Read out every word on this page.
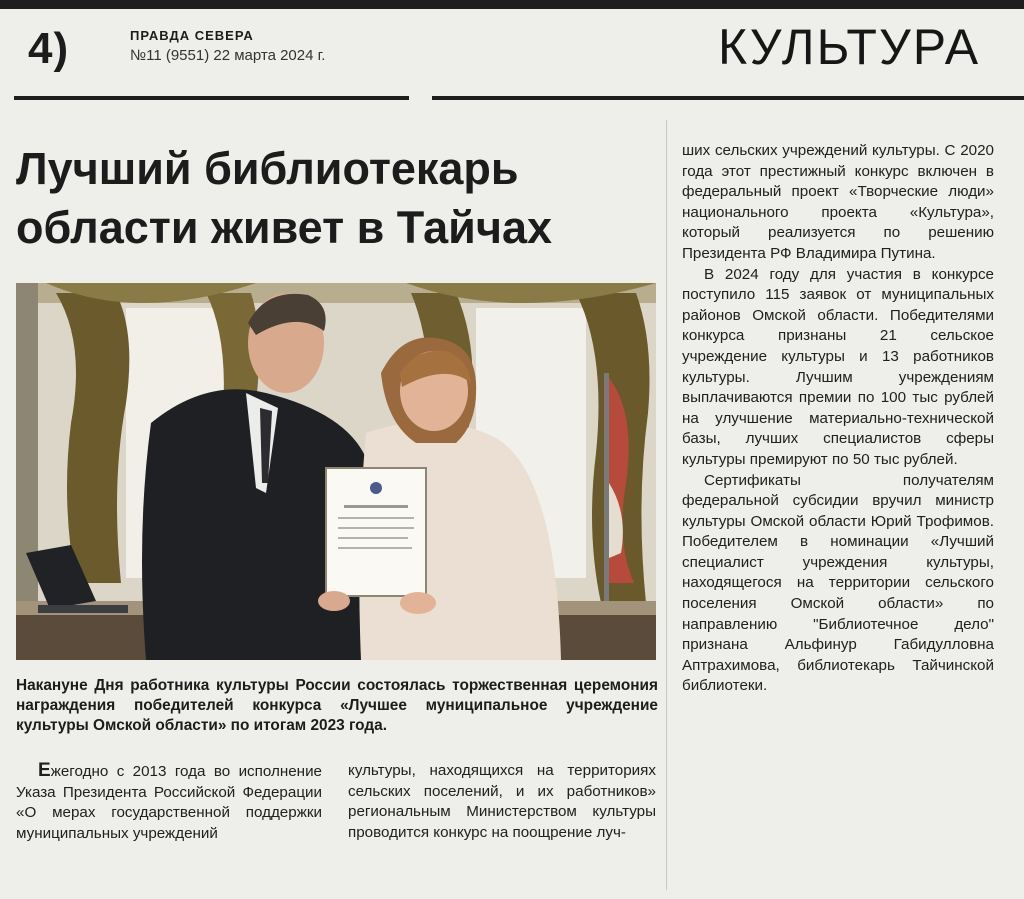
4)	ПРАВДА СЕВЕРА
№11 (9551) 22 марта 2024 г.	КУЛЬТУРА
Лучший библиотекарь
области живет в Тайчах

Накануне Дня работника культуры России состоялась торжественная церемония награждения победителей конкурса «Лучшее муниципальное учреждение культуры Омской области» по итогам 2023 года.

Ежегодно с 2013 года во исполнение Указа Президента Российской Федерации «О мерах государственной поддержки муниципальных учреждений

культуры, находящихся на территориях сельских поселений, и их работников» региональным Министерством культуры проводится конкурс на поощрение луч-

ших сельских учреждений культуры. С 2020 года этот престижный конкурс включен в федеральный проект «Творческие люди» национального проекта «Культура», который реализуется по решению Президента РФ Владимира Путина.

В 2024 году для участия в конкурсе поступило 115 заявок от муниципальных районов Омской области. Победителями конкурса признаны 21 сельское учреждение культуры и 13 работников культуры. Лучшим учреждениям выплачиваются премии по 100 тыс рублей на улучшение материально-технической базы, лучших специалистов сферы культуры премируют по 50 тыс рублей.

Сертификаты получателям федеральной субсидии вручил министр культуры Омской области Юрий Трофимов. Победителем в номинации «Лучший специалист учреждения культуры, находящегося на территории сельского поселения Омской области» по направлению "Библиотечное дело" признана Альфинур Габидулловна Аптрахимова, библиотекарь Тайчинской библиотеки.
